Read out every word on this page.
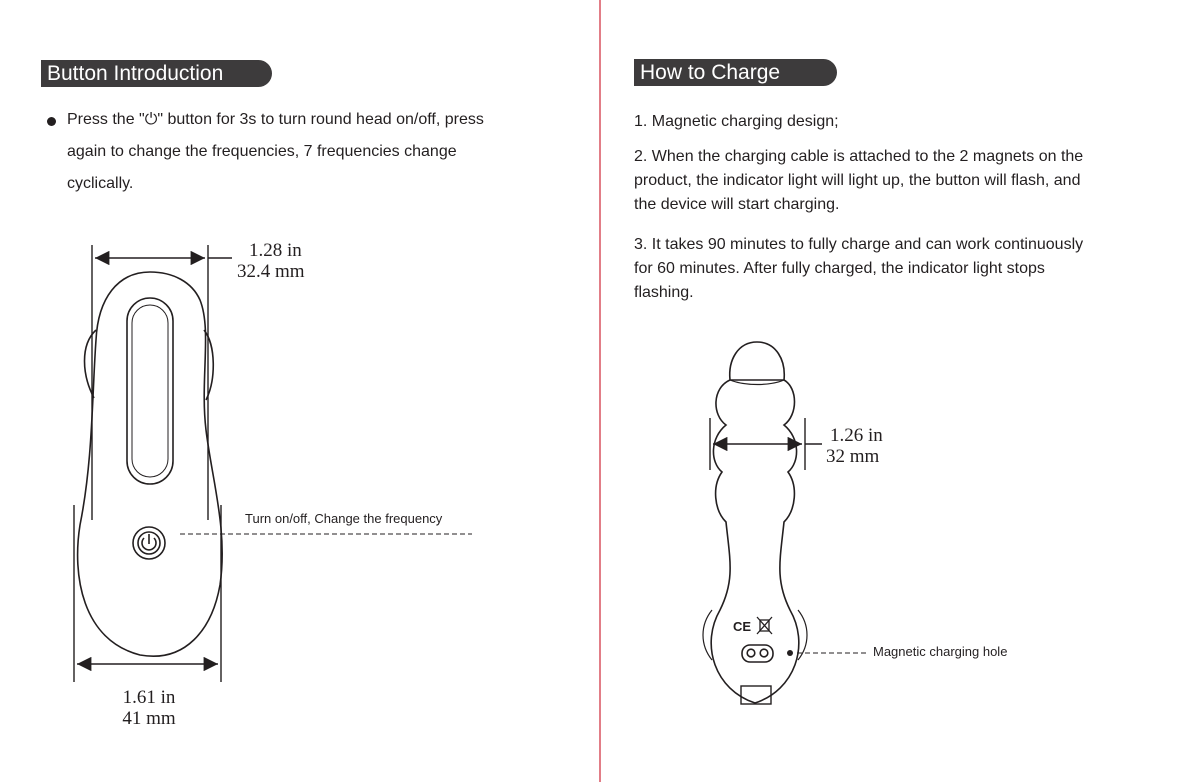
Button Introduction
Press the "⏻" button for 3s to turn round head on/off, press
again to change the frequencies, 7 frequencies change
cyclically.
CE
1.28 in
32.4 mm
1.61 in
41 mm
Turn on/off, Change the frequency
How to Charge
1. Magnetic charging design;
2. When the charging cable is attached to the 2 magnets on the
product, the indicator light will light up, the button will flash, and
the device will start charging.
3. It takes 90 minutes to fully charge and can work continuously
for 60 minutes. After fully charged, the indicator light stops
flashing.
1.26 in
32 mm
Magnetic charging hole
